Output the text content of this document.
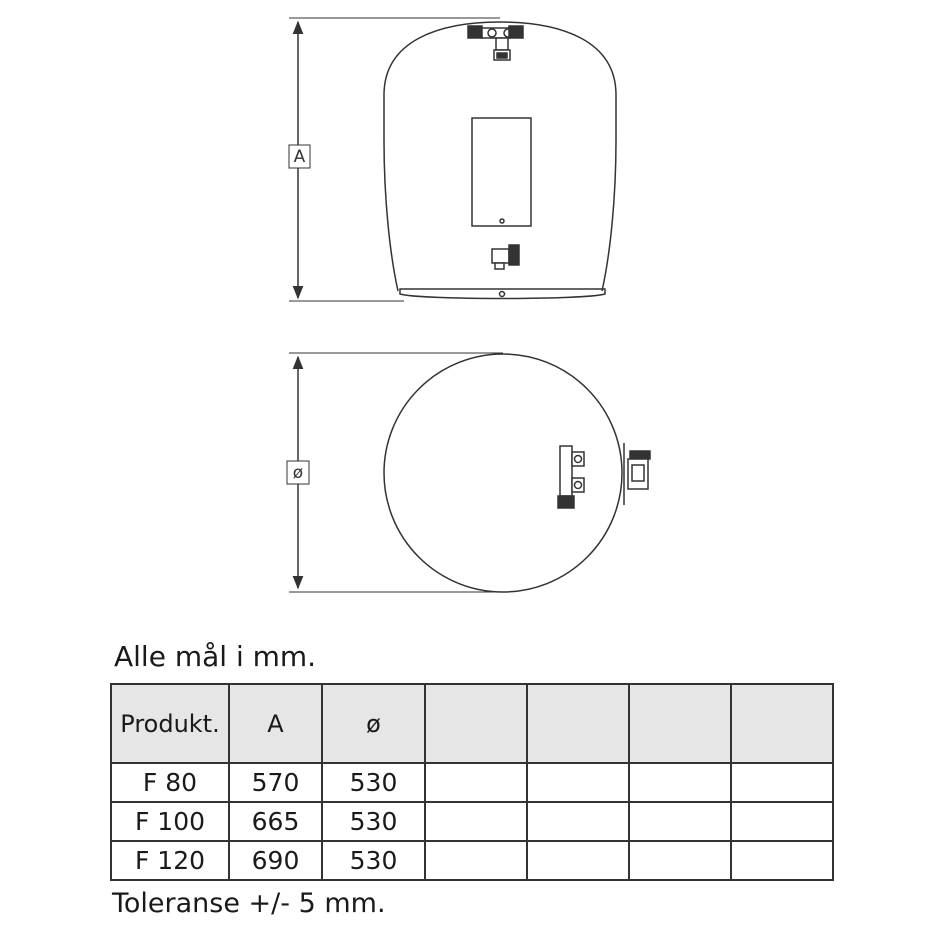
A
ø
Alle mål i mm.
Produkt.	A	ø				
F 80	570	530				
F 100	665	530				
F 120	690	530				
Toleranse +/- 5 mm.
